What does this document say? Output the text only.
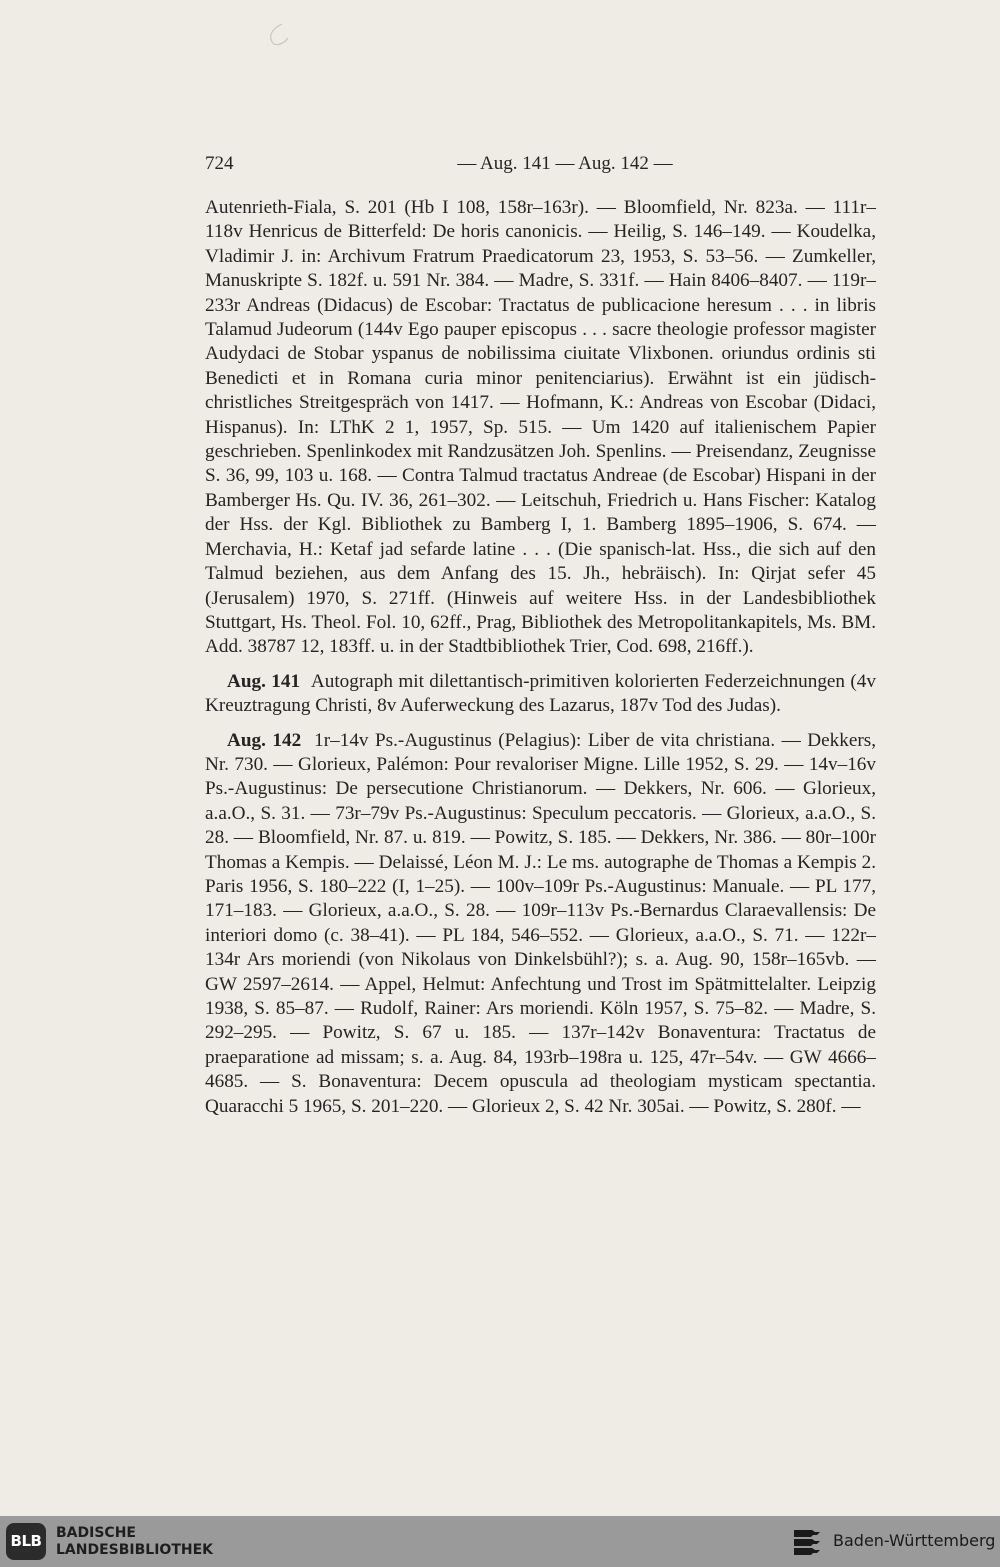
724	— Aug. 141 — Aug. 142 —

Autenrieth-Fiala, S. 201 (Hb I 108, 158r–163r). — Bloomfield, Nr. 823a. — 111r–118v Henricus de Bitterfeld: De horis canonicis. — Heilig, S. 146–149. — Koudelka, Vladimir J. in: Archivum Fratrum Praedicatorum 23, 1953, S. 53–56. — Zumkeller, Manuskripte S. 182f. u. 591 Nr. 384. — Madre, S. 331f. — Hain 8406–8407. — 119r–233r Andreas (Didacus) de Escobar: Tractatus de publicacione heresum . . . in libris Talamud Judeorum (144v Ego pauper episcopus . . . sacre theologie professor magister Audydaci de Stobar yspanus de nobilissima ciuitate Vlixbonen. oriundus ordinis sti Benedicti et in Romana curia minor penitenciarius). Erwähnt ist ein jüdisch-christliches Streitgespräch von 1417. — Hofmann, K.: Andreas von Escobar (Didaci, Hispanus). In: LThK 2 1, 1957, Sp. 515. — Um 1420 auf italienischem Papier geschrieben. Spenlinkodex mit Randzusätzen Joh. Spenlins. — Preisendanz, Zeugnisse S. 36, 99, 103 u. 168. — Contra Talmud tractatus Andreae (de Escobar) Hispani in der Bamberger Hs. Qu. IV. 36, 261–302. — Leitschuh, Friedrich u. Hans Fischer: Katalog der Hss. der Kgl. Bibliothek zu Bamberg I, 1. Bamberg 1895–1906, S. 674. — Merchavia, H.: Ketaf jad sefarde latine . . . (Die spanisch-lat. Hss., die sich auf den Talmud beziehen, aus dem Anfang des 15. Jh., hebräisch). In: Qirjat sefer 45 (Jerusalem) 1970, S. 271ff. (Hinweis auf weitere Hss. in der Landesbibliothek Stuttgart, Hs. Theol. Fol. 10, 62ff., Prag, Bibliothek des Metropolitankapitels, Ms. BM. Add. 38787 12, 183ff. u. in der Stadtbibliothek Trier, Cod. 698, 216ff.).

Aug. 141 Autograph mit dilettantisch-primitiven kolorierten Federzeichnungen (4v Kreuztragung Christi, 8v Auferweckung des Lazarus, 187v Tod des Judas).

Aug. 142 1r–14v Ps.-Augustinus (Pelagius): Liber de vita christiana. — Dekkers, Nr. 730. — Glorieux, Palémon: Pour revaloriser Migne. Lille 1952, S. 29. — 14v–16v Ps.-Augustinus: De persecutione Christianorum. — Dekkers, Nr. 606. — Glorieux, a.a.O., S. 31. — 73r–79v Ps.-Augustinus: Speculum peccatoris. — Glorieux, a.a.O., S. 28. — Bloomfield, Nr. 87. u. 819. — Powitz, S. 185. — Dekkers, Nr. 386. — 80r–100r Thomas a Kempis. — Delaissé, Léon M. J.: Le ms. autographe de Thomas a Kempis 2. Paris 1956, S. 180–222 (I, 1–25). — 100v–109r Ps.-Augustinus: Manuale. — PL 177, 171–183. — Glorieux, a.a.O., S. 28. — 109r–113v Ps.-Bernardus Claraevallensis: De interiori domo (c. 38–41). — PL 184, 546–552. — Glorieux, a.a.O., S. 71. — 122r–134r Ars moriendi (von Nikolaus von Dinkelsbühl?); s. a. Aug. 90, 158r–165vb. — GW 2597–2614. — Appel, Helmut: Anfechtung und Trost im Spätmittelalter. Leipzig 1938, S. 85–87. — Rudolf, Rainer: Ars moriendi. Köln 1957, S. 75–82. — Madre, S. 292–295. — Powitz, S. 67 u. 185. — 137r–142v Bonaventura: Tractatus de praeparatione ad missam; s. a. Aug. 84, 193rb–198ra u. 125, 47r–54v. — GW 4666–4685. — S. Bonaventura: Decem opuscula ad theologiam mysticam spectantia. Quaracchi 5 1965, S. 201–220. — Glorieux 2, S. 42 Nr. 305ai. — Powitz, S. 280f. —

BLB	BADISCHE
LANDESBIBLIOTHEK	Baden-Württemberg
